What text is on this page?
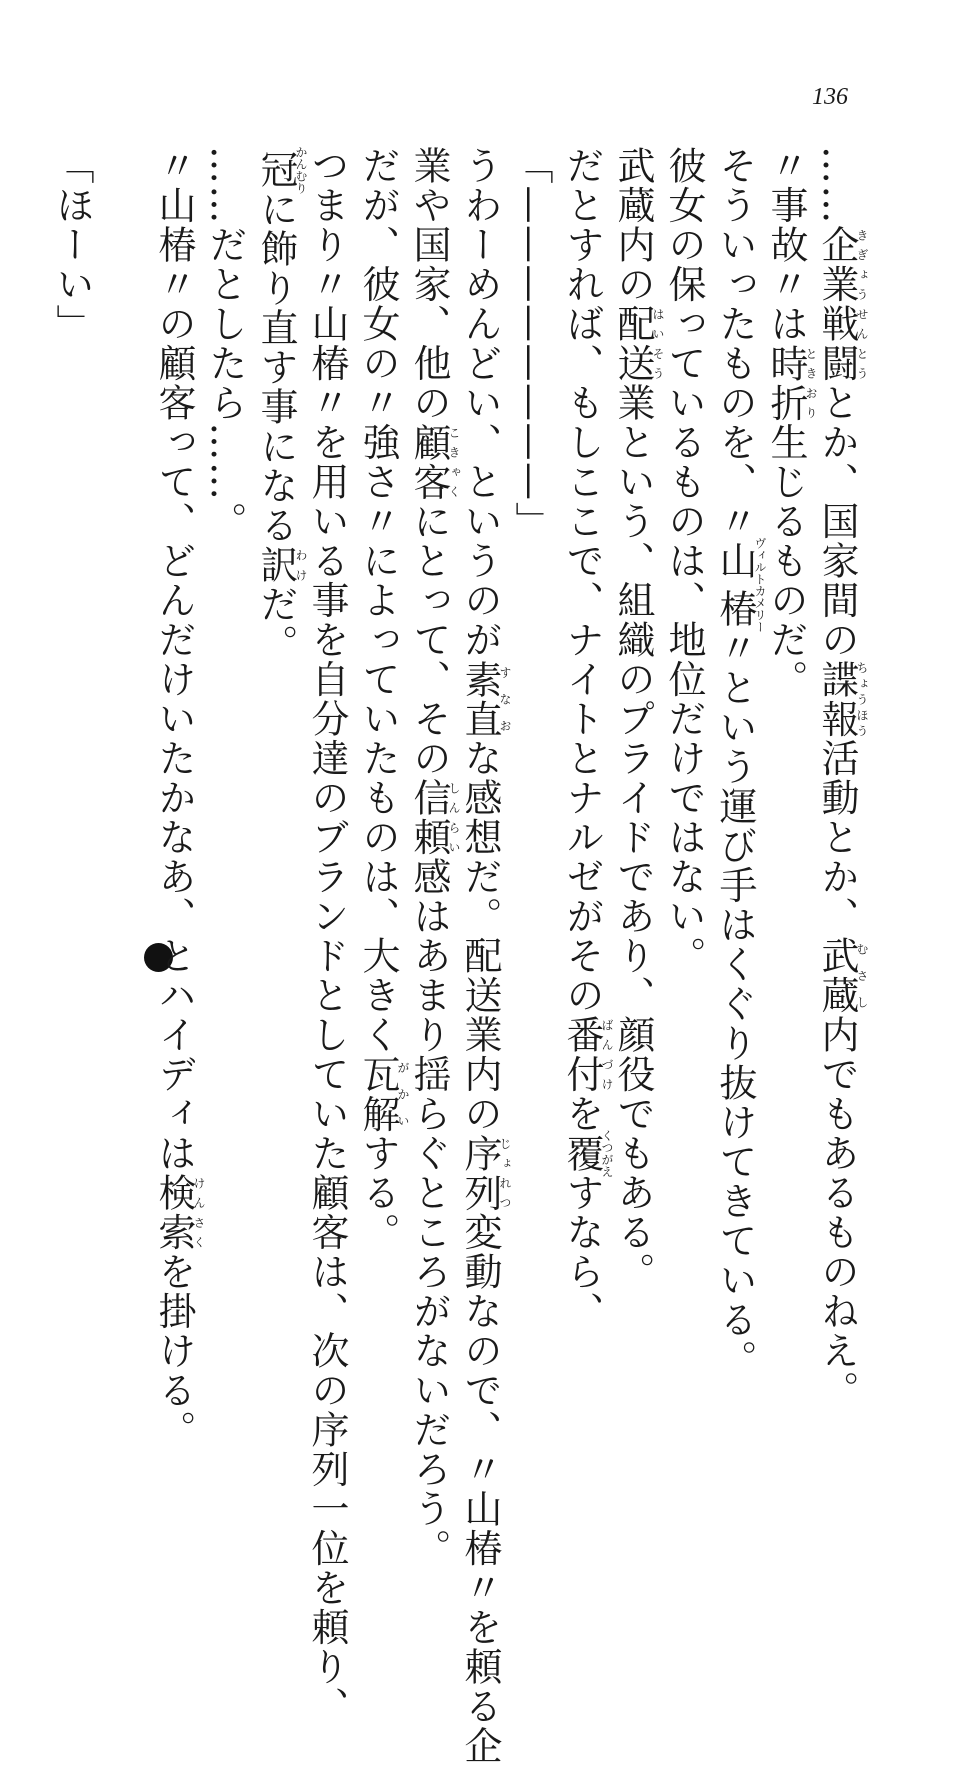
136
……企業戦闘きぎょうせんとうとか、国家間の諜報ちょうほう活動とか、武蔵むさし内でもあるものねえ。
〃事故〃は時折ときおり生じるものだ。
そういったものを、〃山椿ヴィルトカメリー〃という運び手はくぐり抜けてきている。
彼女の保っているものは、地位だけではない。
武蔵内の配送はいそう業という、組織のプライドであり、顔役でもある。
だとすれば、もしここで、ナイトとナルゼがその番付ばんづけを覆くつがえすなら、
「————————」
うわーめんどい、というのが素直すなおな感想だ。配送業内の序列じょれつ変動なので、〃山椿〃を頼る企
業や国家、他の顧客こきゃくにとって、その信頼しんらい感はあまり揺らぐところがないだろう。
だが、彼女の〃強さ〃によっていたものは、大きく瓦解がかいする。
つまり〃山椿〃を用いる事を自分達のブランドとしていた顧客は、次の序列一位を頼り、
冠かんむりに飾り直す事になる訳わけだ。
……だとしたら……。
〃山椿〃の顧客って、どんだけいたかなあ、とハイディは検索けんさくを掛ける。
「ほーい」
